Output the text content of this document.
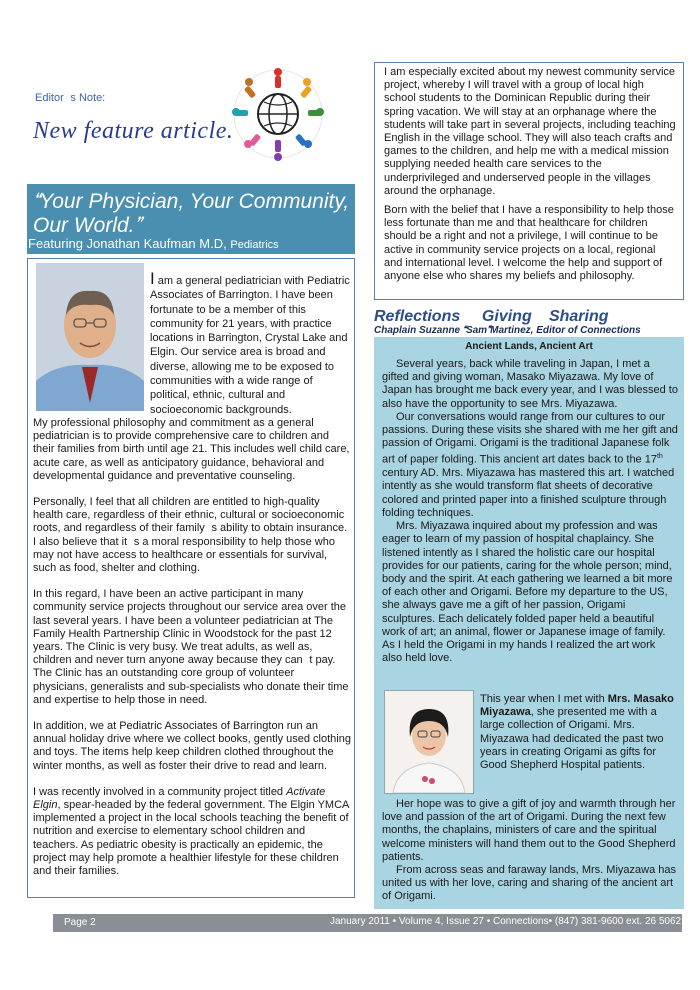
Editors Note:
New feature article.
Your Physician, Your Community,
Our World.
Featuring Jonathan Kaufman M.D, Pediatrics
I am a general pediatrician with Pediatric Associates of Barrington. I have been fortunate to be a member of this community for 21 years, with practice locations in Barrington, Crystal Lake and Elgin. Our service area is broad and diverse, allowing me to be exposed to communities with a wide range of political, ethnic, cultural and socioeconomic backgrounds.

My professional philosophy and commitment as a general pediatrician is to provide comprehensive care to children and their families from birth until age 21. This includes well child care, acute care, as well as anticipatory guidance, behavioral and developmental guidance and preventative counseling.

Personally, I feel that all children are entitled to high-quality health care, regardless of their ethnic, cultural or socioeconomic roots, and regardless of their familys ability to obtain insurance. I also believe that its a moral responsibility to help those who may not have access to healthcare or essentials for survival, such as food, shelter and clothing.

In this regard, I have been an active participant in many community service projects throughout our service area over the last several years. I have been a volunteer pediatrician at The Family Health Partnership Clinic in Woodstock for the past 12 years. The Clinic is very busy. We treat adults, as well as, children and never turn anyone away because they cant pay. The Clinic has an outstanding core group of volunteer physicians, generalists and sub-specialists who donate their time and expertise to help those in need.

In addition, we at Pediatric Associates of Barrington run an annual holiday drive where we collect books, gently used clothing and toys. The items help keep children clothed throughout the winter months, as well as foster their drive to read and learn.

I was recently involved in a community project titled Activate Elgin, spear-headed by the federal government. The Elgin YMCA implemented a project in the local schools teaching the benefit of nutrition and exercise to elementary school children and teachers. As pediatric obesity is practically an epidemic, the project may help promote a healthier lifestyle for these children and their families.

I am especially excited about my newest community service project, whereby I will travel with a group of local high school students to the Dominican Republic during their spring vacation. We will stay at an orphanage where the students will take part in several projects, including teaching English in the village school. They will also teach crafts and games to the children, and help me with a medical mission supplying needed health care services to the underprivileged and underserved people in the villages around the orphanage.

Born with the belief that I have a responsibility to help those less fortunate than me and that healthcare for children should be a right and not a privilege, I will continue to be active in community service projects on a local, regional and international level. I welcome the help and support of anyone else who shares my beliefs and philosophy.

Reflections  Giving Sharing
Chaplain Suzanne SamMartinez, Editor of Connections
Ancient Lands, Ancient Art

Several years, back while traveling in Japan, I met a gifted and giving woman, Masako Miyazawa. My love of Japan has brought me back every year, and I was blessed to also have the opportunity to see Mrs. Miyazawa.

Our conversations would range from our cultures to our passions. During these visits she shared with me her gift and passion of Origami. Origami is the traditional Japanese folk art of paper folding. This ancient art dates back to the 17th century AD. Mrs. Miyazawa has mastered this art. I watched intently as she would transform flat sheets of decorative colored and printed paper into a finished sculpture through folding techniques.

Mrs. Miyazawa inquired about my profession and was eager to learn of my passion of hospital chaplaincy. She listened intently as I shared the holistic care our hospital provides for our patients, caring for the whole person; mind, body and the spirit. At each gathering we learned a bit more of each other and Origami. Before my departure to the US, she always gave me a gift of her passion, Origami sculptures. Each delicately folded paper held a beautiful work of art; an animal, flower or Japanese image of family. As I held the Origami in my hands I realized the art work also held love.

This year when I met with Mrs. Masako Miyazawa, she presented me with a large collection of Origami. Mrs. Miyazawa had dedicated the past two years in creating Origami as gifts for Good Shepherd Hospital patients.

Her hope was to give a gift of joy and warmth through her love and passion of the art of Origami. During the next few months, the chaplains, ministers of care and the spiritual welcome ministers will hand them out to the Good Shepherd patients.

From across seas and faraway lands, Mrs. Miyazawa has united us with her love, caring and sharing of the ancient art of Origami.

Page 2	January 2011 • Volume 4, Issue 27 • Connections• (847) 381-9600 ext. 26 5062
